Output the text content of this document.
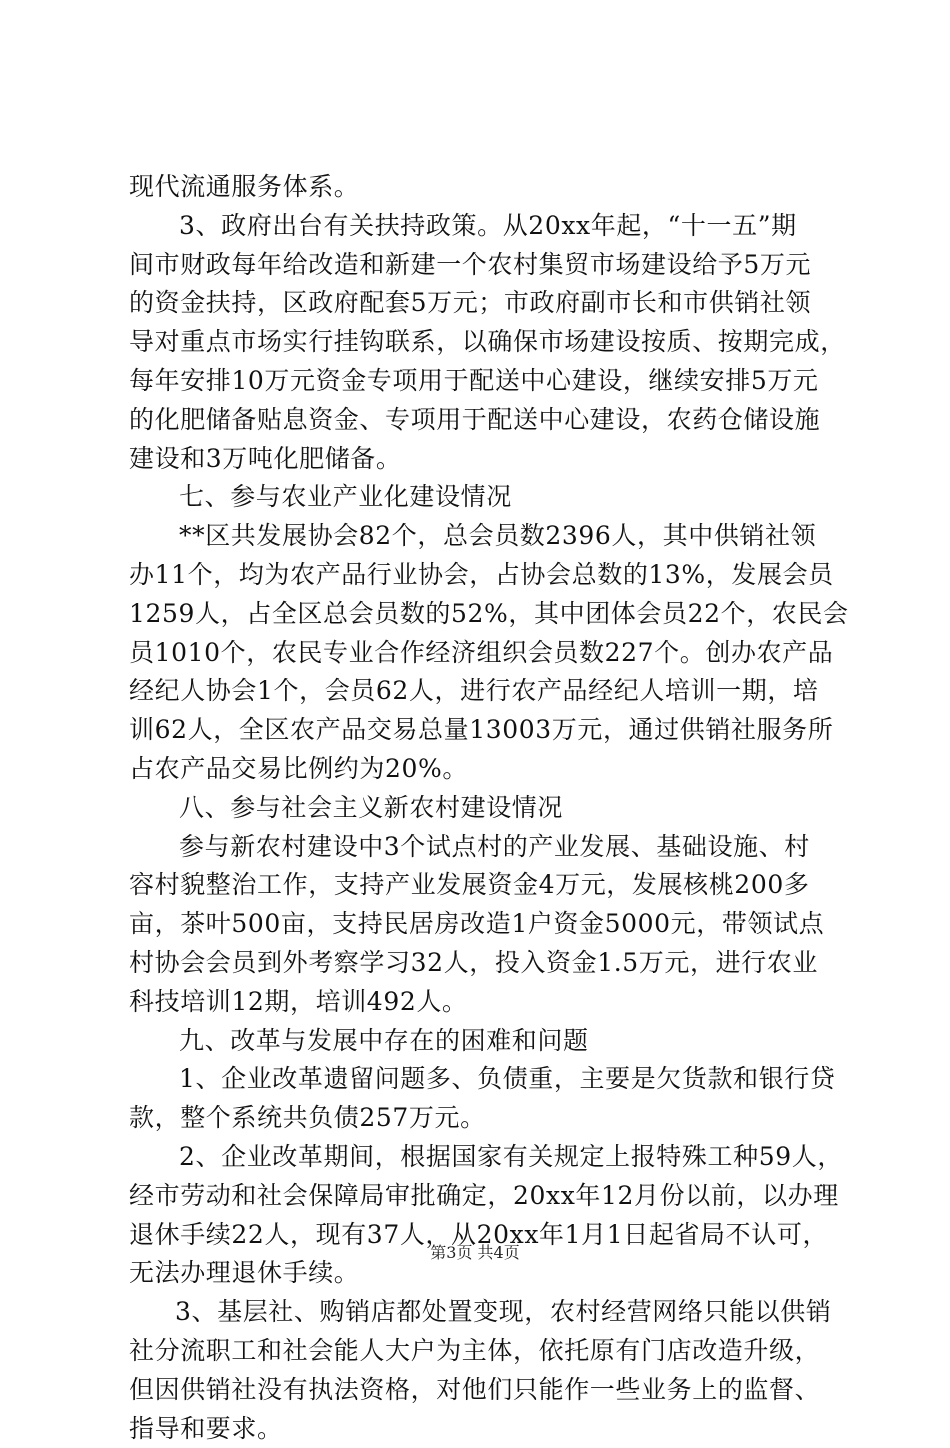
现代流通服务体系。
3、政府出台有关扶持政策。从20xx年起，“十一五”期
间市财政每年给改造和新建一个农村集贸市场建设给予5万元
的资金扶持，区政府配套5万元；市政府副市长和市供销社领
导对重点市场实行挂钩联系，以确保市场建设按质、按期完成，
每年安排10万元资金专项用于配送中心建设，继续安排5万元
的化肥储备贴息资金、专项用于配送中心建设，农药仓储设施
建设和3万吨化肥储备。
七、参与农业产业化建设情况
**区共发展协会82个，总会员数2396人，其中供销社领
办11个，均为农产品行业协会，占协会总数的13%，发展会员
1259人，占全区总会员数的52%，其中团体会员22个，农民会
员1010个，农民专业合作经济组织会员数227个。创办农产品
经纪人协会1个，会员62人，进行农产品经纪人培训一期，培
训62人，全区农产品交易总量13003万元，通过供销社服务所
占农产品交易比例约为20%。
八、参与社会主义新农村建设情况
参与新农村建设中3个试点村的产业发展、基础设施、村
容村貌整治工作，支持产业发展资金4万元，发展核桃200多
亩，茶叶500亩，支持民居房改造1户资金5000元，带领试点
村协会会员到外考察学习32人，投入资金1.5万元，进行农业
科技培训12期，培训492人。
九、改革与发展中存在的困难和问题
1、企业改革遗留问题多、负债重，主要是欠货款和银行贷
款，整个系统共负债257万元。
2、企业改革期间，根据国家有关规定上报特殊工种59人，
经市劳动和社会保障局审批确定，20xx年12月份以前，以办理
退休手续22人，现有37人，从20xx年1月1日起省局不认可，
无法办理退休手续。
3、基层社、购销店都处置变现，农村经营网络只能以供销
社分流职工和社会能人大户为主体，依托原有门店改造升级，
但因供销社没有执法资格，对他们只能作一些业务上的监督、
指导和要求。
第3页 共4页
